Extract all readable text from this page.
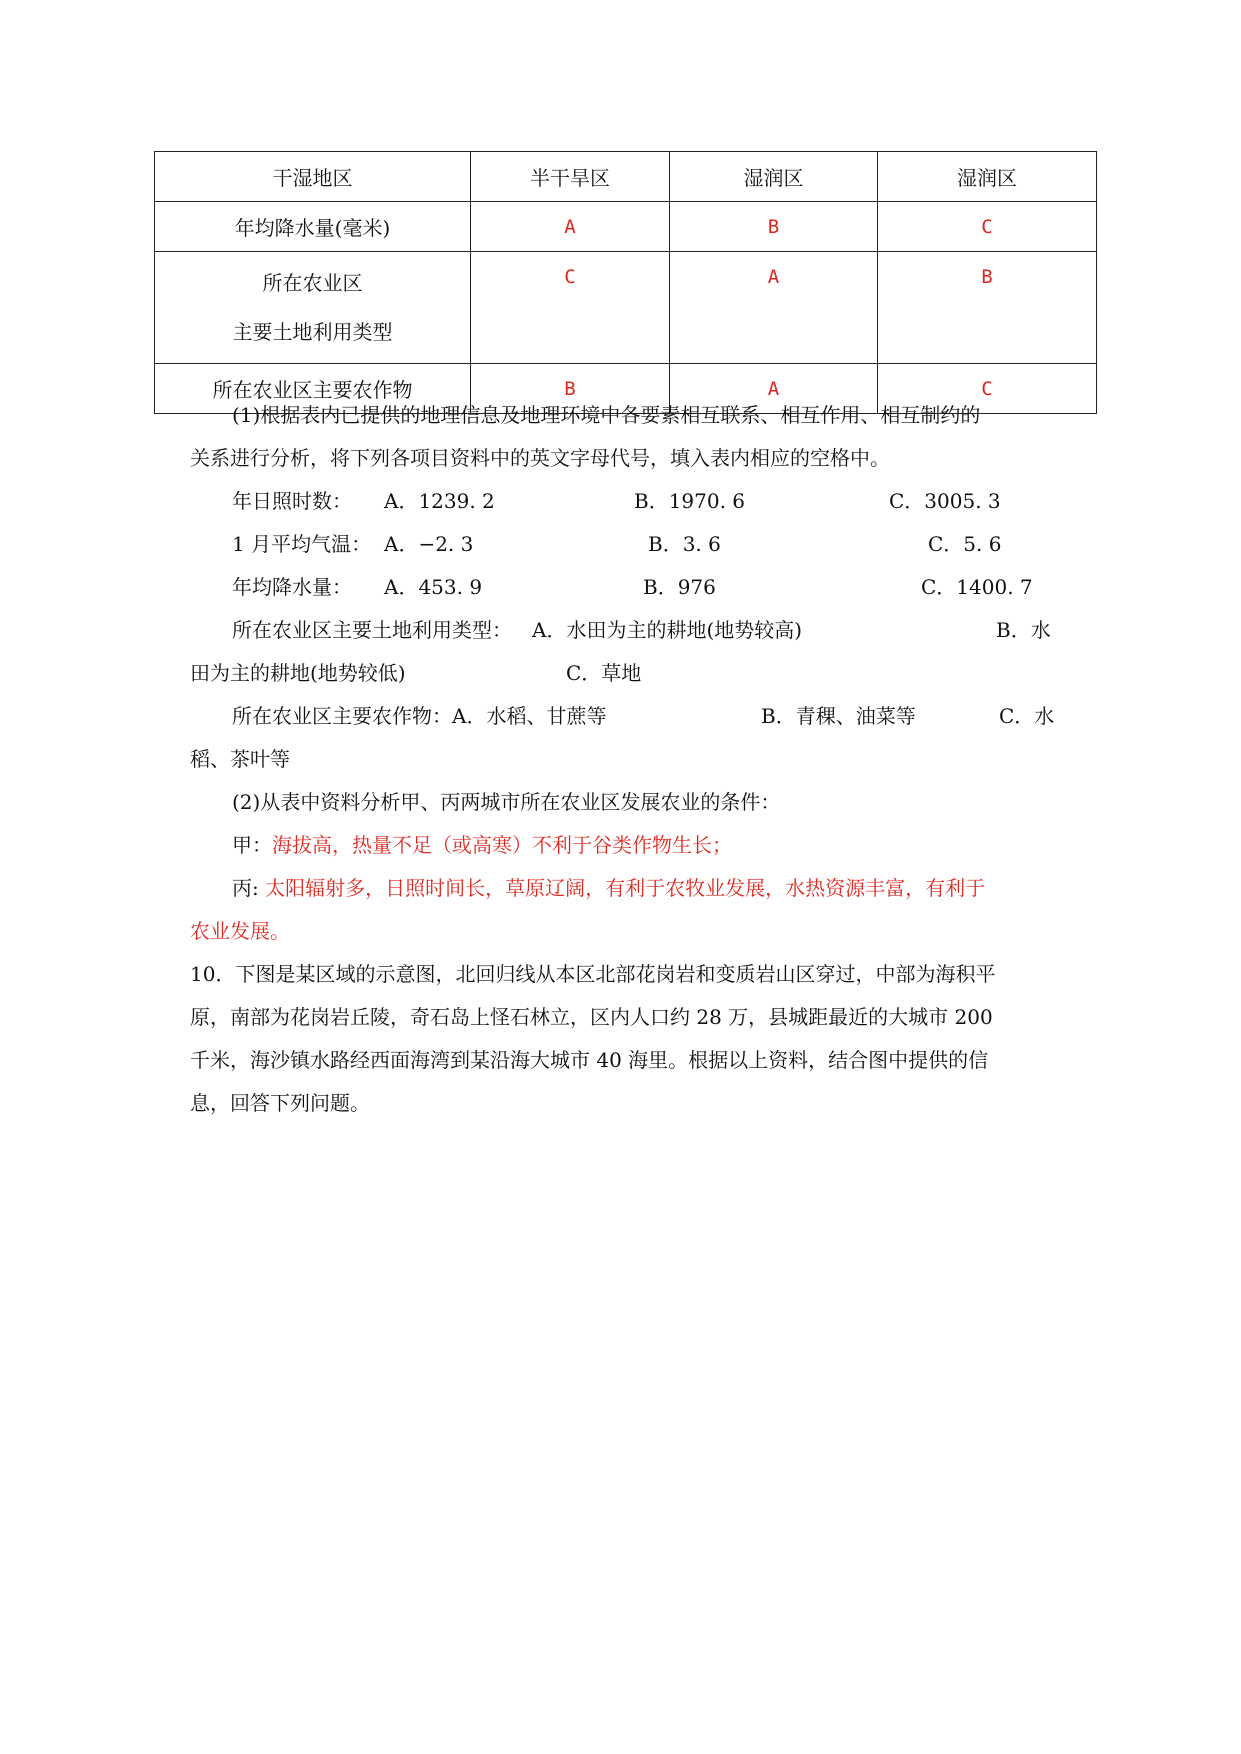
干湿地区	半干旱区	湿润区	湿润区
年均降水量(毫米)	A	B	C

所在农业区
主要土地利用类型	C	A	B
所在农业区主要农作物	B	A	C
(1)根据表内已提供的地理信息及地理环境中各要素相互联系、相互作用、相互制约的
关系进行分析，将下列各项目资料中的英文字母代号，填入表内相应的空格中。
年日照时数： A．1239. 2	B．1970. 6	C．3005. 3
1 月平均气温： A．−2. 3	B．3. 6	C．5. 6
年均降水量： A．453. 9	B．976	C．1400. 7
所在农业区主要土地利用类型： A．水田为主的耕地(地势较高)	B．水
田为主的耕地(地势较低)	C．草地
所在农业区主要农作物： A．水稻、甘蔗等	B．青稞、油菜等	C．水
稻、茶叶等
(2)从表中资料分析甲、丙两城市所在农业区发展农业的条件：
甲：海拔高，热量不足（或高寒）不利于谷类作物生长；
丙: 太阳辐射多，日照时间长，草原辽阔，有利于农牧业发展，水热资源丰富，有利于
农业发展。
10．下图是某区域的示意图，北回归线从本区北部花岗岩和变质岩山区穿过，中部为海积平
原，南部为花岗岩丘陵，奇石岛上怪石林立，区内人口约 28 万，县城距最近的大城市 200
千米，海沙镇水路经西面海湾到某沿海大城市 40 海里。根据以上资料，结合图中提供的信
息，回答下列问题。
